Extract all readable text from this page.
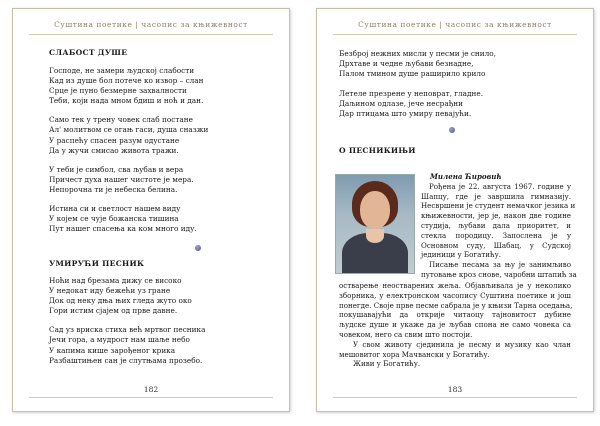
Суштина поетике | часопис за књижевност

СЛАБОСТ ДУШЕ

Господе, не замери људској слабости
Кад из душе бол потече ко извор – слан
Срце је пуно безмерне захвалности
Теби, који нада мном бдиш и ноћ и дан.
Само тек у трену човек слаб постане
Ал' молитвом се огањ гаси, душа сназжи
У распећу спасен разум одустане
Да у жучи смисао живота тражи.
У теби је симбол, сва љубав и вера
Причест духа нашег чистоте је мера.
Непорочна ти је небеска белина.
Истина си и светлост нашем виду
У којем се чује божанска тишина
Пут нашег спасења ка ком много иду.

УМИРУЋИ ПЕСНИК

Ноћи над брезама дижу се високо
У недокат иду бежећи уз гране
Док од неку дња њих гледа жуто око
Гори истим сјајем од прве давне.
Сад уз вриска стиха већ мртвог песника
Јечи гора, а мудрост нам шаље небо
У капима кише зарођеног крика
Разбаштињен сан је слутњама прозебо.
182
Суштина поетике | часопис за књижевност
Безброј нежних мисли у песми је снило,
Дрхтаве и чедне љубави безнадне,
Палом тмином душе раширило крило
Летеле презрене у неповрат, гладне.
Даљином одлазе, јече несрађни
Дар птицама што умиру певајући.

О ПЕСНИКИЊИ

Милена Ћировић
Рођена је 22. августа 1967. године у
Шапцу, где је завршила гимназију.
Несвршени је студент немачког језика и
књижевности, јер је, након две године
студија, љубави дала приоритет, и
стекла породицу. Запослена је у
Основном суду, Шабац, у Судској
јединици у Богатићу.
Писање песама за њу је занимљиво
путовање кроз снове, чаробни штапић за
остварење неостварених жеља. Објављивала је у неколико
зборника, у електронском часопису Суштина поетике и још
понегде. Своје прве песме сабрала је у књизи Тарна оседања,
покушавајући да открије читаоцу тајновитост дубине
људске душе и укаже да је љубав спона не само човека са
човеком, него са свим што постоји.
У свом животу сјединила је песму и музику као члан
мешовитог хора Мачвански у Богатићу.
Живи у Богатићу.
183
